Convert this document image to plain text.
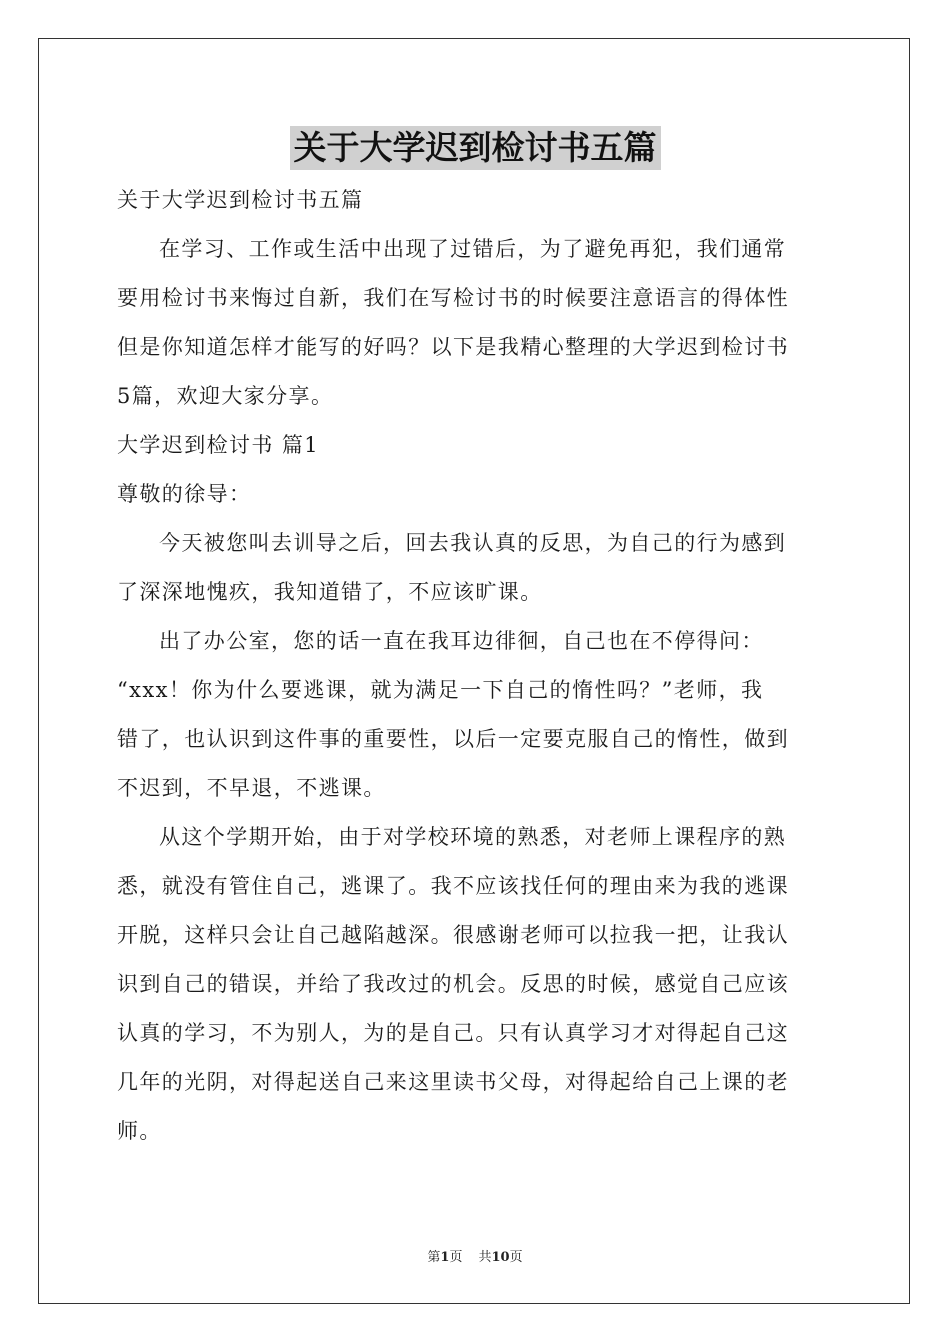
关于大学迟到检讨书五篇

关于大学迟到检讨书五篇

在学习、工作或生活中出现了过错后，为了避免再犯，我们通常

要用检讨书来悔过自新，我们在写检讨书的时候要注意语言的得体性

但是你知道怎样才能写的好吗？以下是我精心整理的大学迟到检讨书

5篇，欢迎大家分享。

大学迟到检讨书 篇1

尊敬的徐导：

今天被您叫去训导之后，回去我认真的反思，为自己的行为感到

了深深地愧疚，我知道错了，不应该旷课。

出了办公室，您的话一直在我耳边徘徊，自己也在不停得问：

“xxx！你为什么要逃课，就为满足一下自己的惰性吗？”老师，我

错了，也认识到这件事的重要性，以后一定要克服自己的惰性，做到

不迟到，不早退，不逃课。

从这个学期开始，由于对学校环境的熟悉，对老师上课程序的熟

悉，就没有管住自己，逃课了。我不应该找任何的理由来为我的逃课

开脱，这样只会让自己越陷越深。很感谢老师可以拉我一把，让我认

识到自己的错误，并给了我改过的机会。反思的时候，感觉自己应该

认真的学习，不为别人，为的是自己。只有认真学习才对得起自己这

几年的光阴，对得起送自己来这里读书父母，对得起给自己上课的老

师。

第1页 共10页
